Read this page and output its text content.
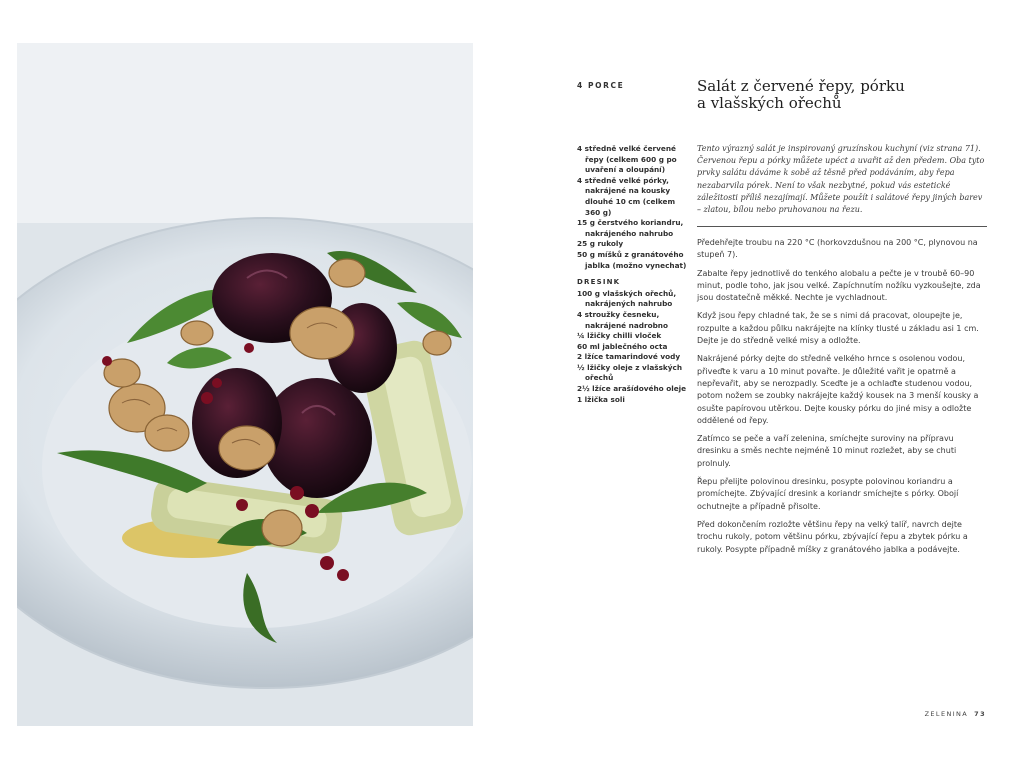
4 PORCE	Salát z červené řepy, pórku
a vlašských ořechů
4 středně velké červené řepy (celkem 600 g po uvaření a oloupání)
4 středně velké pórky, nakrájené na kousky dlouhé 10 cm (celkem 360 g)
15 g čerstvého koriandru, nakrájeného nahrubo
25 g rukoly
50 g míšků z granátového jablka (možno vynechat)
DRESINK
100 g vlašských ořechů, nakrájených nahrubo
4 stroužky česneku, nakrájené nadrobno
¼ lžičky chilli vloček
60 ml jablečného octa
2 lžíce tamarindové vody
½ lžičky oleje z vlašských ořechů
2½ lžíce arašídového oleje
1 lžička soli
Tento výrazný salát je inspirovaný gruzínskou kuchyní (viz strana 71). Červenou řepu a pórky můžete upéct a uvařit až den předem. Oba tyto prvky salátu dáváme k sobě až těsně před podáváním, aby řepa nezabarvila pórek. Není to však nezbytné, pokud vás estetické záležitosti příliš nezajímají. Můžete použít i salátové řepy jiných barev – zlatou, bílou nebo pruhovanou na řezu.

Předehřejte troubu na 220 °C (horkovzdušnou na 200 °C, plynovou na stupeň 7).

Zabalte řepy jednotlivě do tenkého alobalu a pečte je v troubě 60–90 minut, podle toho, jak jsou velké. Zapíchnutím nožíku vyzkoušejte, zda jsou dostatečně měkké. Nechte je vychladnout.

Když jsou řepy chladné tak, že se s nimi dá pracovat, oloupejte je, rozpulte a každou půlku nakrájejte na klínky tlusté u základu asi 1 cm. Dejte je do středně velké misy a odložte.

Nakrájené pórky dejte do středně velkého hrnce s osolenou vodou, přiveďte k varu a 10 minut povařte. Je důležité vařit je opatrně a nepřevařit, aby se nerozpadly. Sceďte je a ochlaďte studenou vodou, potom nožem se zoubky nakrájejte každý kousek na 3 menší kousky a osušte papírovou utěrkou. Dejte kousky pórku do jiné misy a odložte oddělené od řepy.

Zatímco se peče a vaří zelenina, smíchejte suroviny na přípravu dresinku a směs nechte nejméně 10 minut rozležet, aby se chuti prolnuly.

Řepu přelijte polovinou dresinku, posypte polovinou koriandru a promíchejte. Zbývající dresink a koriandr smíchejte s pórky. Obojí ochutnejte a případně přisolte.

Před dokončením rozložte většinu řepy na velký talíř, navrch dejte trochu rukoly, potom většinu pórku, zbývající řepu a zbytek pórku a rukoly. Posypte případně míšky z granátového jablka a podávejte.

ZELENINA 73
